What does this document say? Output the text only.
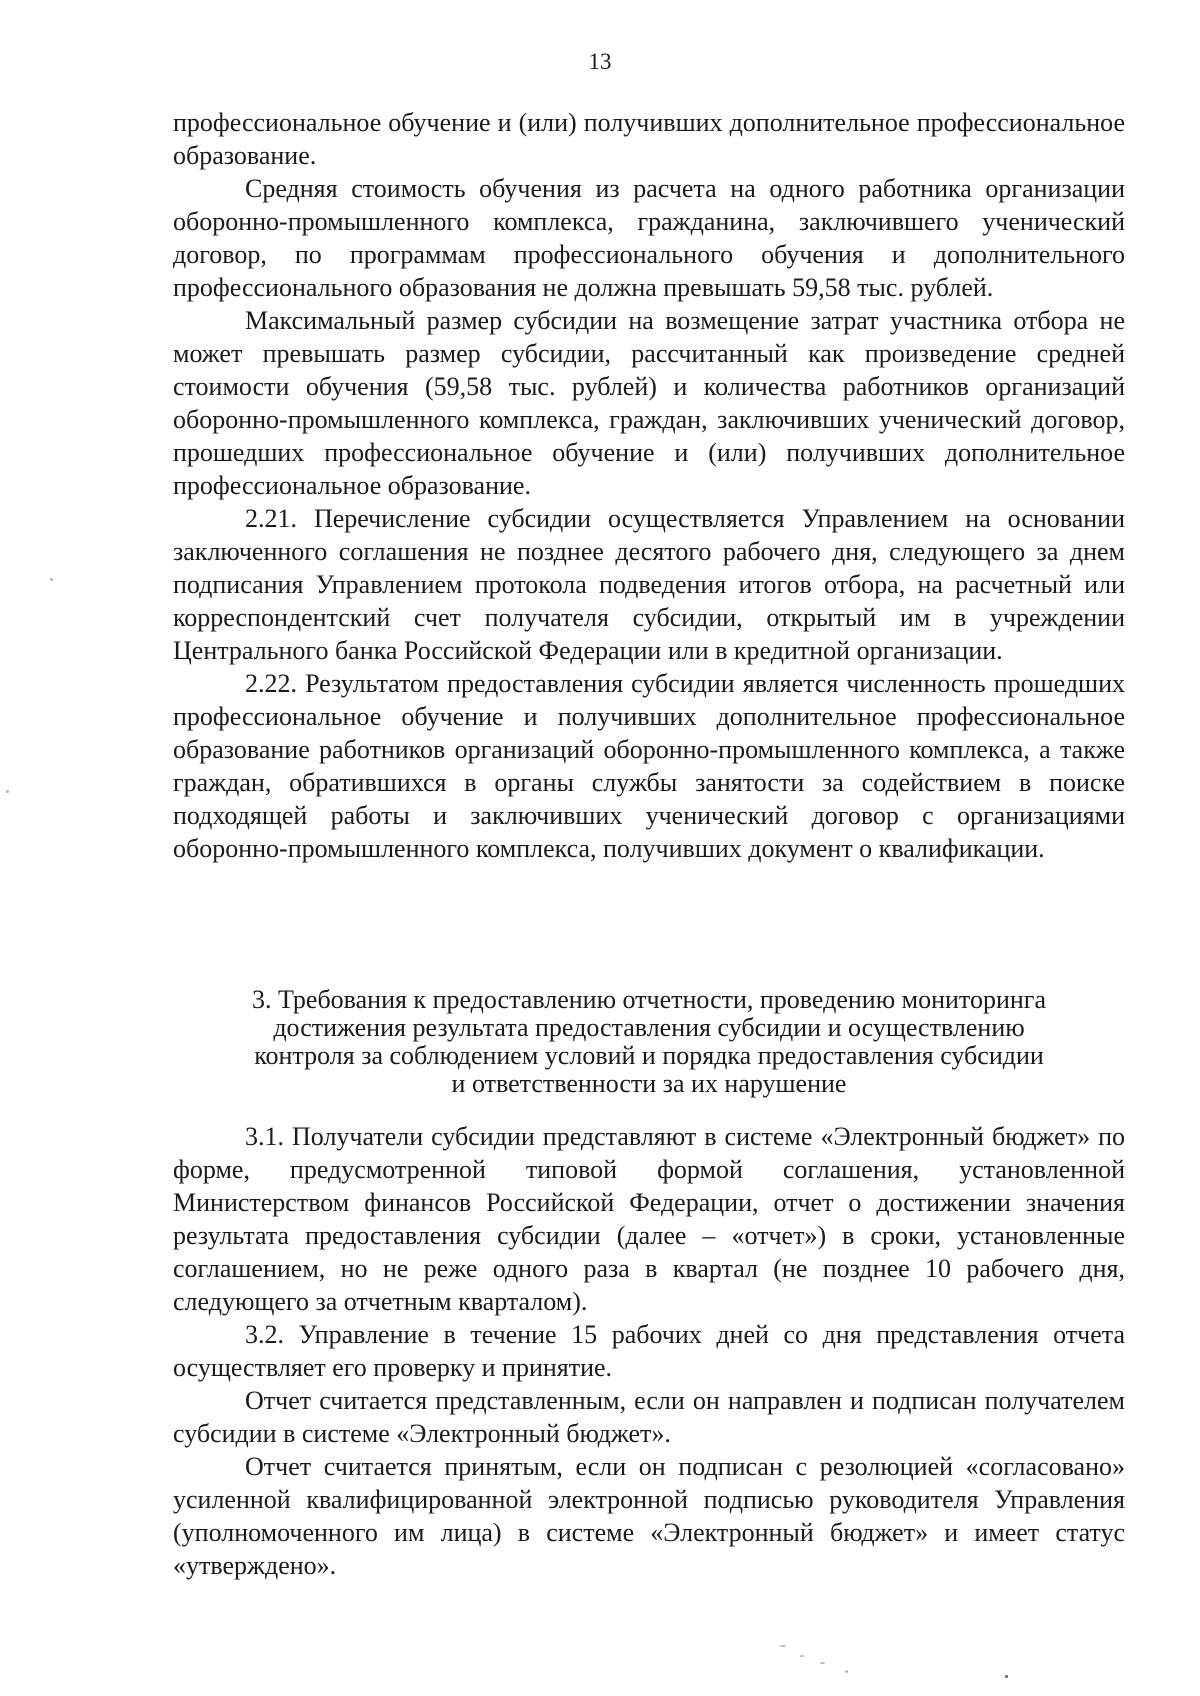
13

профессиональное обучение и (или) получивших дополнительное профессиональное образование.

Средняя стоимость обучения из расчета на одного работника организации оборонно-промышленного комплекса, гражданина, заключившего ученический договор, по программам профессионального обучения и дополнительного профессионального образования не должна превышать 59,58 тыс. рублей.

Максимальный размер субсидии на возмещение затрат участника отбора не может превышать размер субсидии, рассчитанный как произведение средней стоимости обучения (59,58 тыс. рублей) и количества работников организаций оборонно-промышленного комплекса, граждан, заключивших ученический договор, прошедших профессиональное обучение и (или) получивших дополнительное профессиональное образование.

2.21. Перечисление субсидии осуществляется Управлением на основании заключенного соглашения не позднее десятого рабочего дня, следующего за днем подписания Управлением протокола подведения итогов отбора, на расчетный или корреспондентский счет получателя субсидии, открытый им в учреждении Центрального банка Российской Федерации или в кредитной организации.

2.22. Результатом предоставления субсидии является численность прошедших профессиональное обучение и получивших дополнительное профессиональное образование работников организаций оборонно-промышленного комплекса, а также граждан, обратившихся в органы службы занятости за содействием в поиске подходящей работы и заключивших ученический договор с организациями оборонно-промышленного комплекса, получивших документ о квалификации.

3. Требования к предоставлению отчетности, проведению мониторинга
достижения результата предоставления субсидии и осуществлению
контроля за соблюдением условий и порядка предоставления субсидии
и ответственности за их нарушение

3.1. Получатели субсидии представляют в системе «Электронный бюджет» по форме, предусмотренной типовой формой соглашения, установленной Министерством финансов Российской Федерации, отчет о достижении значения результата предоставления субсидии (далее – «отчет») в сроки, установленные соглашением, но не реже одного раза в квартал (не позднее 10 рабочего дня, следующего за отчетным кварталом).

3.2. Управление в течение 15 рабочих дней со дня представления отчета осуществляет его проверку и принятие.

Отчет считается представленным, если он направлен и подписан получателем субсидии в системе «Электронный бюджет».

Отчет считается принятым, если он подписан с резолюцией «согласовано» усиленной квалифицированной электронной подписью руководителя Управления (уполномоченного им лица) в системе «Электронный бюджет» и имеет статус «утверждено».
